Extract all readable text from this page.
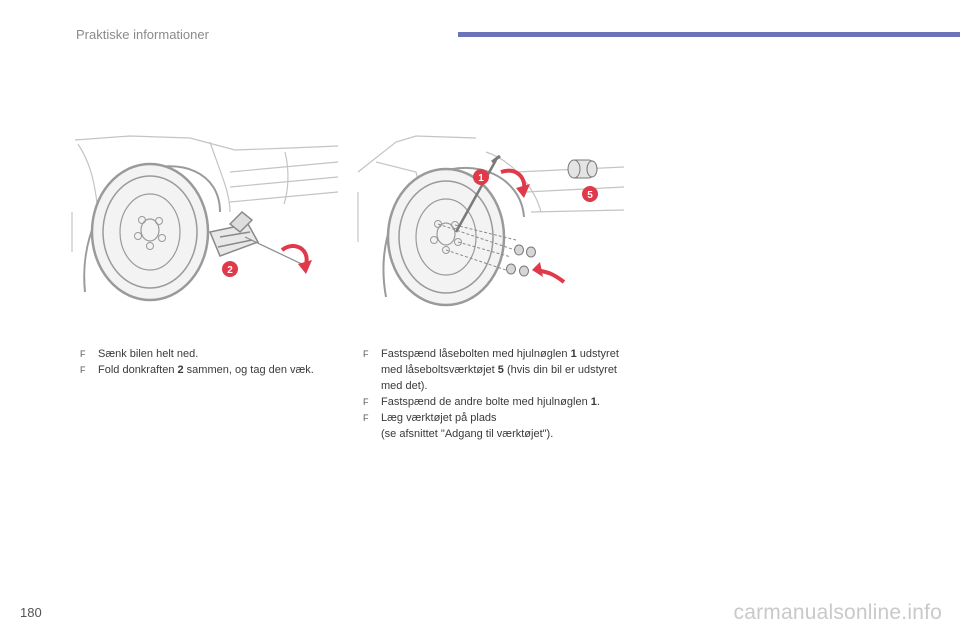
Praktiske informationer
2
1
5
F	Sænk bilen helt ned.
F	Fold donkraften 2 sammen, og tag den væk.
F	Fastspænd låsebolten med hjulnøglen 1 udstyret med låseboltsværktøjet 5 (hvis din bil er udstyret med det).
F	Fastspænd de andre bolte med hjulnøglen 1.
F	Læg værktøjet på plads
(se afsnittet "Adgang til værktøjet").
180	carmanualsonline.info
